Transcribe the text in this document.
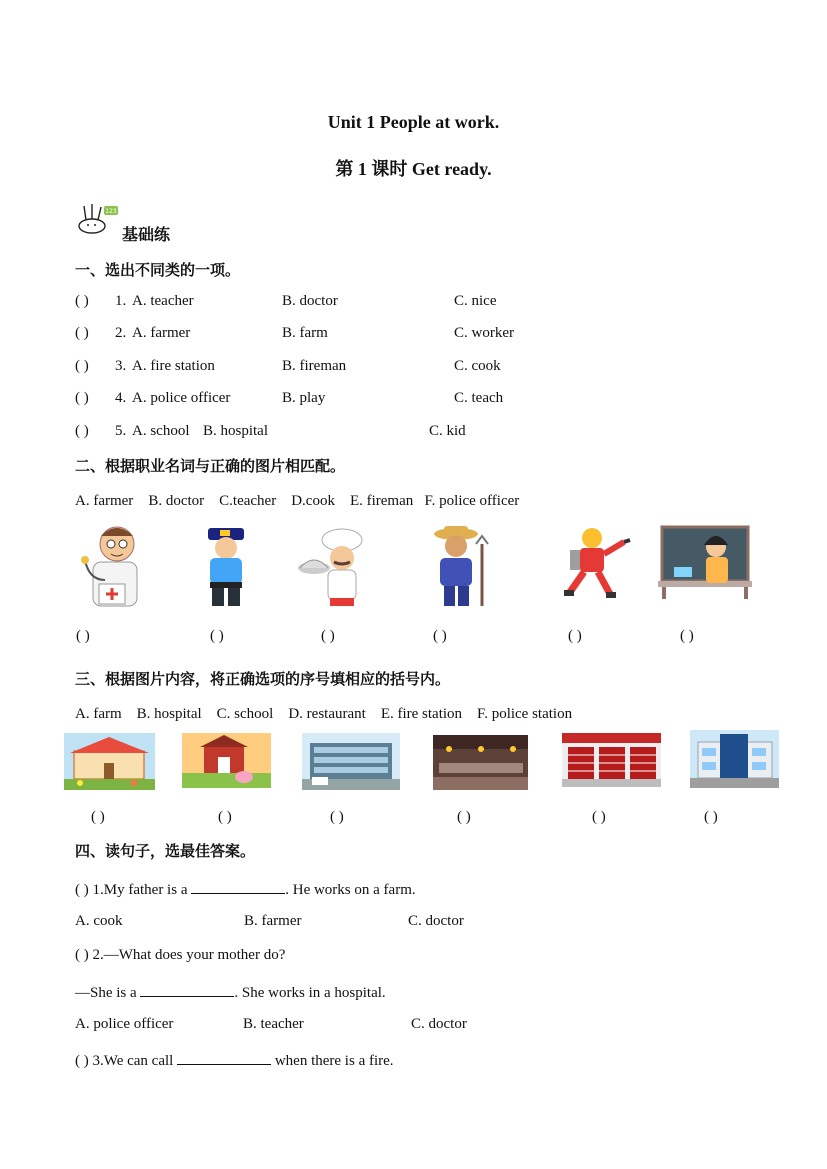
Unit 1 People at work.
第 1 课时 Get ready.
123
基础练
一、选出不同类的一项。
( ) 1. A. teacher	B. doctor	C. nice
( ) 2. A. farmer	B. farm	C. worker
( ) 3. A. fire station	B. fireman	C. cook
( ) 4. A. police officer	B. play	C. teach
( ) 5. A. school B. hospital	C. kid
二、根据职业名词与正确的图片相匹配。
A. farmer B. doctor C.teacher D.cook E. fireman F. police officer
( )	( )	( )	( )	( )	( )
三、根据图片内容，将正确选项的序号填相应的括号内。
A. farm B. hospital C. school D. restaurant E. fire station F. police station
( )	( )	( )	( )	( )	( )
四、读句子，选最佳答案。
( ) 1.My father is a	. He works on a farm.
A. cook	B. farmer	C. doctor
( ) 2.—What does your mother do?
—She is a	. She works in a hospital.
A. police officer	B. teacher	C. doctor
( ) 3.We can call	when there is a fire.
